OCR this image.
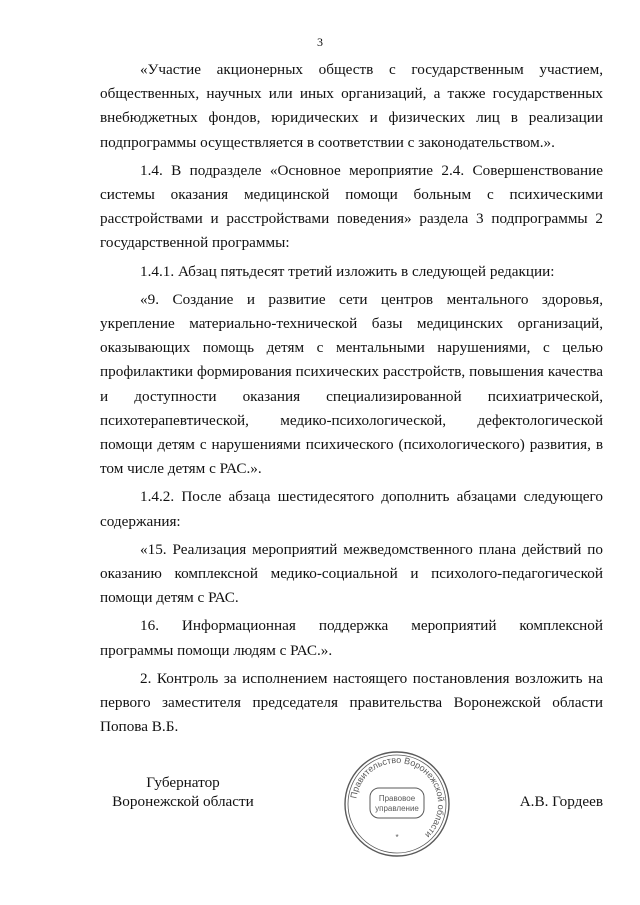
3

«Участие акционерных обществ с государственным участием, общественных, научных или иных организаций, а также государственных внебюджетных фондов, юридических и физических лиц в реализации подпрограммы осуществляется в соответствии с законодательством.».

1.4. В подразделе «Основное мероприятие 2.4. Совершенствование системы оказания медицинской помощи больным с психическими расстройствами и расстройствами поведения» раздела 3 подпрограммы 2 государственной программы:

1.4.1. Абзац пятьдесят третий изложить в следующей редакции:

«9. Создание и развитие сети центров ментального здоровья, укрепление материально-технической базы медицинских организаций, оказывающих помощь детям с ментальными нарушениями, с целью профилактики формирования психических расстройств, повышения качества и доступности оказания специализированной психиатрической, психотерапевтической, медико-психологической, дефектологической помощи детям с нарушениями психического (психологического) развития, в том числе детям с РАС.».

1.4.2. После абзаца шестидесятого дополнить абзацами следующего содержания:

«15. Реализация мероприятий межведомственного плана действий по оказанию комплексной медико-социальной и психолого-педагогической помощи детям с РАС.

16. Информационная поддержка мероприятий комплексной программы помощи людям с РАС.».

2. Контроль за исполнением настоящего постановления возложить на первого заместителя председателя правительства Воронежской области Попова В.Б.

Губернатор
Воронежской области	А.В. Гордеев
Правительство Воронежской области
Правовое
управление
*
